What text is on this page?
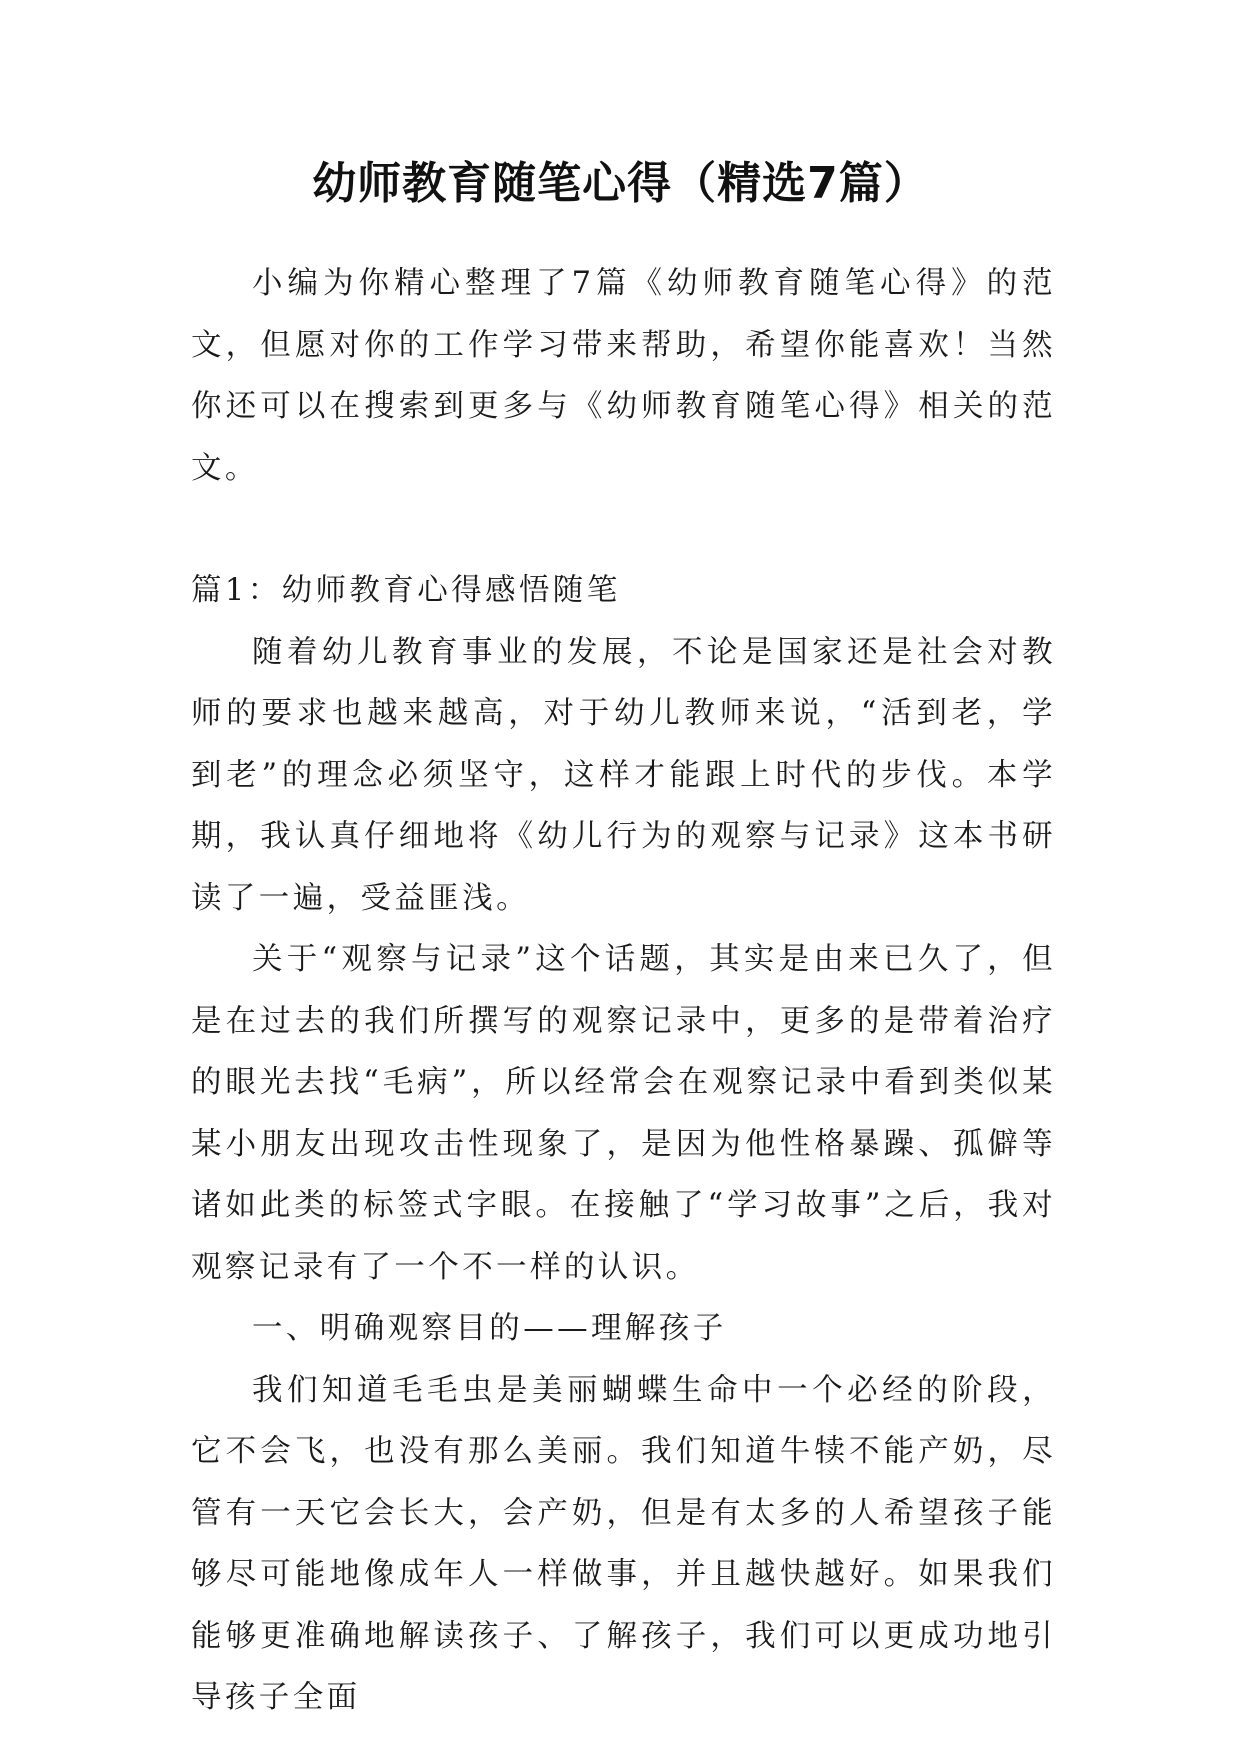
幼师教育随笔心得（精选7篇）

小编为你精心整理了7篇《幼师教育随笔心得》的范文，但愿对你的工作学习带来帮助，希望你能喜欢！当然你还可以在搜索到更多与《幼师教育随笔心得》相关的范文。

篇1：幼师教育心得感悟随笔

随着幼儿教育事业的发展，不论是国家还是社会对教师的要求也越来越高，对于幼儿教师来说，“活到老，学到老”的理念必须坚守，这样才能跟上时代的步伐。本学期，我认真仔细地将《幼儿行为的观察与记录》这本书研读了一遍，受益匪浅。

关于“观察与记录”这个话题，其实是由来已久了，但是在过去的我们所撰写的观察记录中，更多的是带着治疗的眼光去找“毛病”，所以经常会在观察记录中看到类似某某小朋友出现攻击性现象了，是因为他性格暴躁、孤僻等诸如此类的标签式字眼。在接触了“学习故事”之后，我对观察记录有了一个不一样的认识。

一、明确观察目的——理解孩子

我们知道毛毛虫是美丽蝴蝶生命中一个必经的阶段，它不会飞，也没有那么美丽。我们知道牛犊不能产奶，尽管有一天它会长大，会产奶，但是有太多的人希望孩子能够尽可能地像成年人一样做事，并且越快越好。如果我们能够更准确地解读孩子、了解孩子，我们可以更成功地引导孩子全面
